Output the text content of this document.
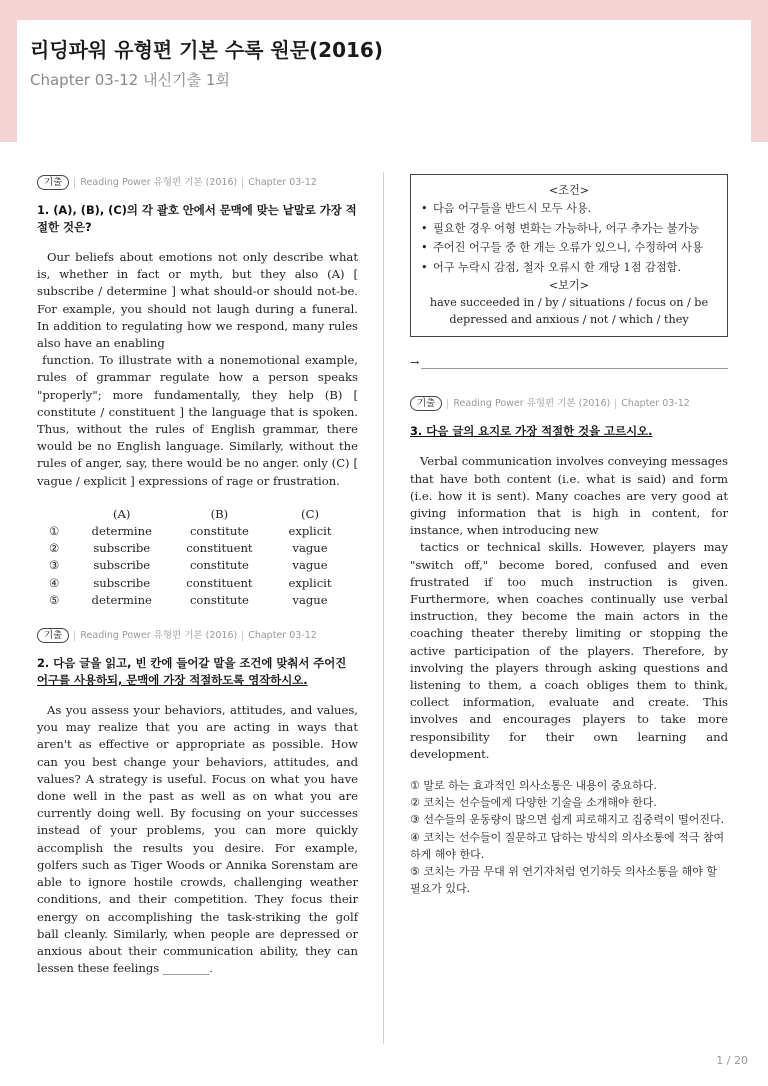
리딩파워 유형편 기본 수록 원문(2016)
Chapter 03-12 내신기출 1회
기출	Reading Power 유형편 기본 (2016) Chapter 03-12
1. (A), (B), (C)의 각 괄호 안에서 문맥에 맞는 낱말로 가장 적절한 것은?

Our beliefs about emotions not only describe what is, whether in fact or myth, but they also (A) [ subscribe / determine ] what should-or should not-be. For example, you should not laugh during a funeral. In addition to regulating how we respond, many rules also have an enabling

function. To illustrate with a nonemotional example, rules of grammar regulate how a person speaks "properly"; more fundamentally, they help (B) [ constitute / constituent ] the language that is spoken. Thus, without the rules of English grammar, there would be no English language. Similarly, without the rules of anger, say, there would be no anger. only (C) [ vague / explicit ] expressions of rage or frustration.

	(A)	(B)	(C)
①	determine	constitute	explicit
②	subscribe	constituent	vague
③	subscribe	constitute	vague
④	subscribe	constituent	explicit
⑤	determine	constitute	vague
기출	Reading Power 유형편 기본 (2016) Chapter 03-12
2. 다음 글을 읽고, 빈 칸에 들어갈 말을 조건에 맞춰서 주어진 어구를 사용하되, 문맥에 가장 적절하도록 영작하시오.

As you assess your behaviors, attitudes, and values, you may realize that you are acting in ways that aren't as effective or appropriate as possible. How can you best change your behaviors, attitudes, and values? A strategy is useful. Focus on what you have done well in the past as well as on what you are currently doing well. By focusing on your successes instead of your problems, you can more quickly accomplish the results you desire. For example, golfers such as Tiger Woods or Annika Sorenstam are able to ignore hostile crowds, challenging weather conditions, and their competition. They focus their energy on accomplishing the task-striking the golf ball cleanly. Similarly, when people are depressed or anxious about their communication ability, they can lessen these feelings ________.

<조건>
• 다음 어구들을 반드시 모두 사용.
• 필요한 경우 어형 변화는 가능하나, 어구 추가는 불가능
• 주어진 어구들 중 한 개는 오류가 있으니, 수정하여 사용
• 어구 누락시 감점, 철자 오류시 한 개당 1점 감점함.
<보기>
have succeeded in / by / situations / focus on / be depressed and anxious / not / which / they
→
기출	Reading Power 유형편 기본 (2016) Chapter 03-12
3. 다음 글의 요지로 가장 적절한 것을 고르시오.

Verbal communication involves conveying messages that have both content (i.e. what is said) and form (i.e. how it is sent). Many coaches are very good at giving information that is high in content, for instance, when introducing new

tactics or technical skills. However, players may "switch off," become bored, confused and even frustrated if too much instruction is given. Furthermore, when coaches continually use verbal instruction, they become the main actors in the coaching theater thereby limiting or stopping the active participation of the players. Therefore, by involving the players through asking questions and listening to them, a coach obliges them to think, collect information, evaluate and create. This involves and encourages players to take more responsibility for their own learning and development.

① 말로 하는 효과적인 의사소통은 내용이 중요하다.

② 코치는 선수들에게 다양한 기술을 소개해야 한다.

③ 선수들의 운동량이 많으면 쉽게 피로해지고 집중력이 떨어진다.

④ 코치는 선수들이 질문하고 답하는 방식의 의사소통에 적극 참여하게 해야 한다.

⑤ 코치는 가끔 무대 위 연기자처럼 연기하듯 의사소통을 해야 할 필요가 있다.

1 / 20
